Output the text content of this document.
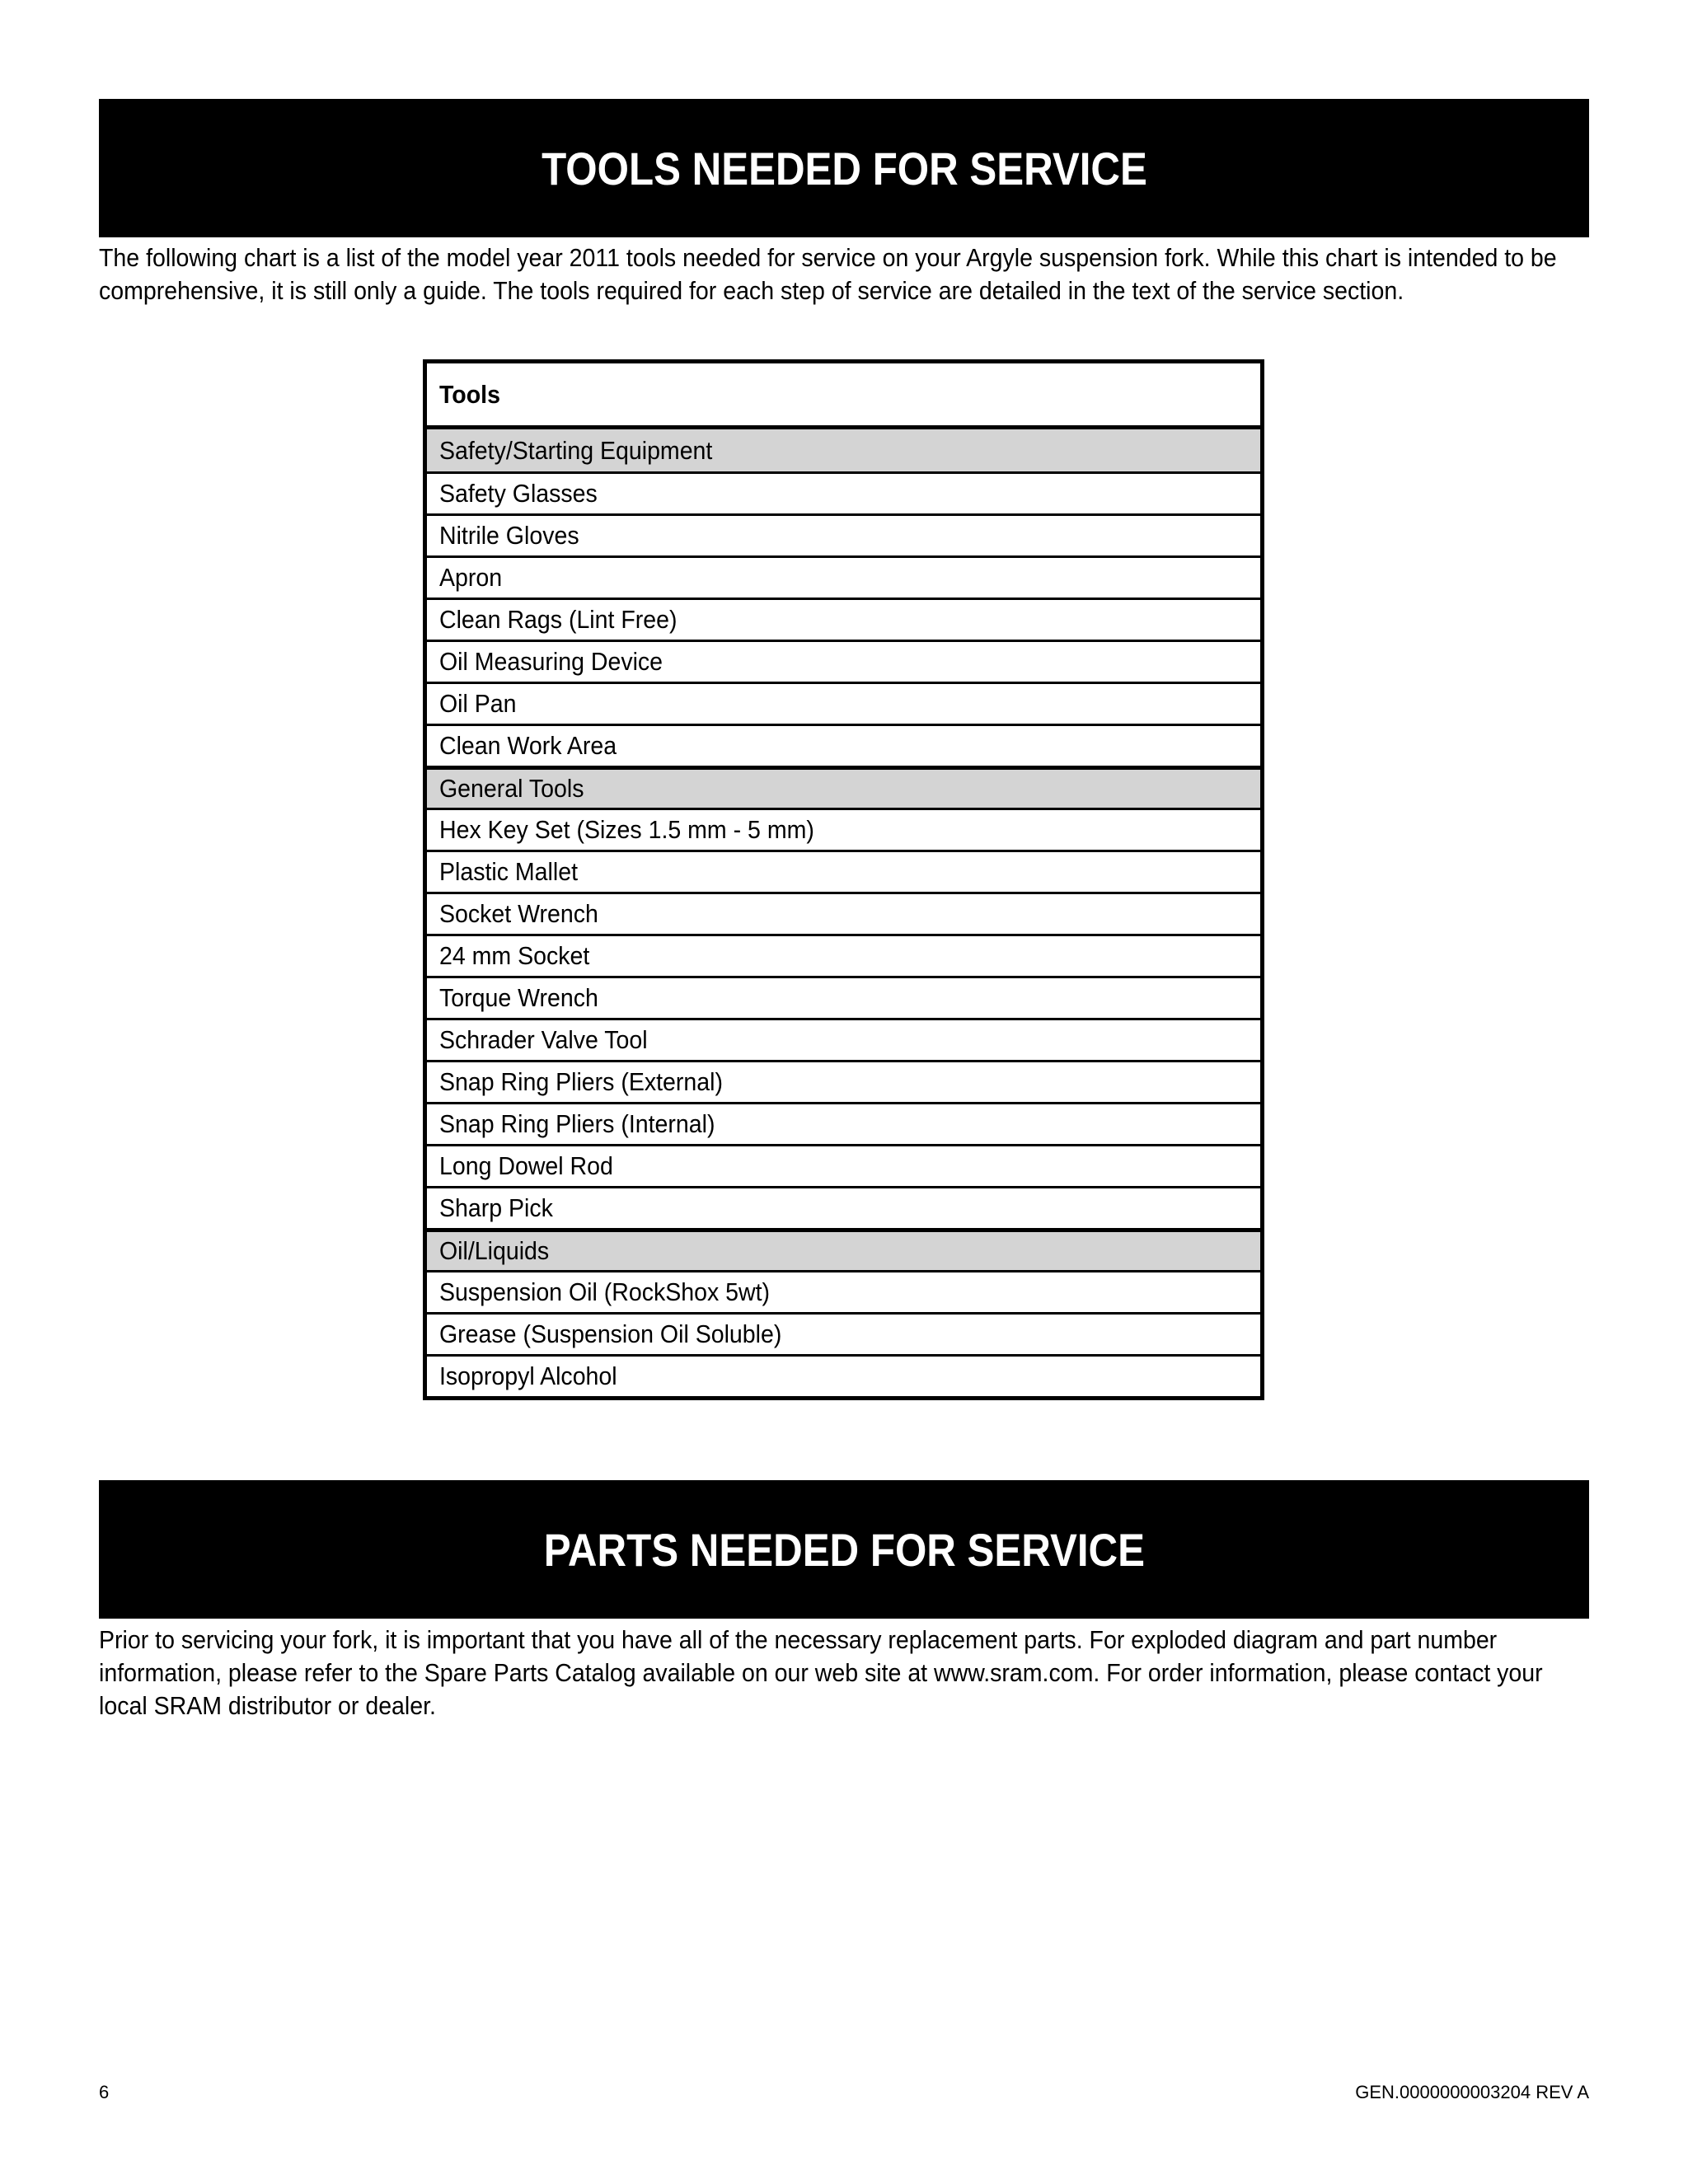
TOOLS NEEDED FOR SERVICE
The following chart is a list of the model year 2011 tools needed for service on your Argyle suspension fork. While this chart is intended to be comprehensive, it is still only a guide. The tools required for each step of service are detailed in the text of the service section.
Tools
Safety/Starting Equipment
Safety Glasses
Nitrile Gloves
Apron
Clean Rags (Lint Free)
Oil Measuring Device
Oil Pan
Clean Work Area
General Tools
Hex Key Set (Sizes 1.5 mm - 5 mm)
Plastic Mallet
Socket Wrench
24 mm Socket
Torque Wrench
Schrader Valve Tool
Snap Ring Pliers (External)
Snap Ring Pliers (Internal)
Long Dowel Rod
Sharp Pick
Oil/Liquids
Suspension Oil (RockShox 5wt)
Grease (Suspension Oil Soluble)
Isopropyl Alcohol
PARTS NEEDED FOR SERVICE
Prior to servicing your fork, it is important that you have all of the necessary replacement parts. For exploded diagram and part number information, please refer to the Spare Parts Catalog available on our web site at www.sram.com. For order information, please contact your local SRAM distributor or dealer.
6	GEN.0000000003204 REV A
